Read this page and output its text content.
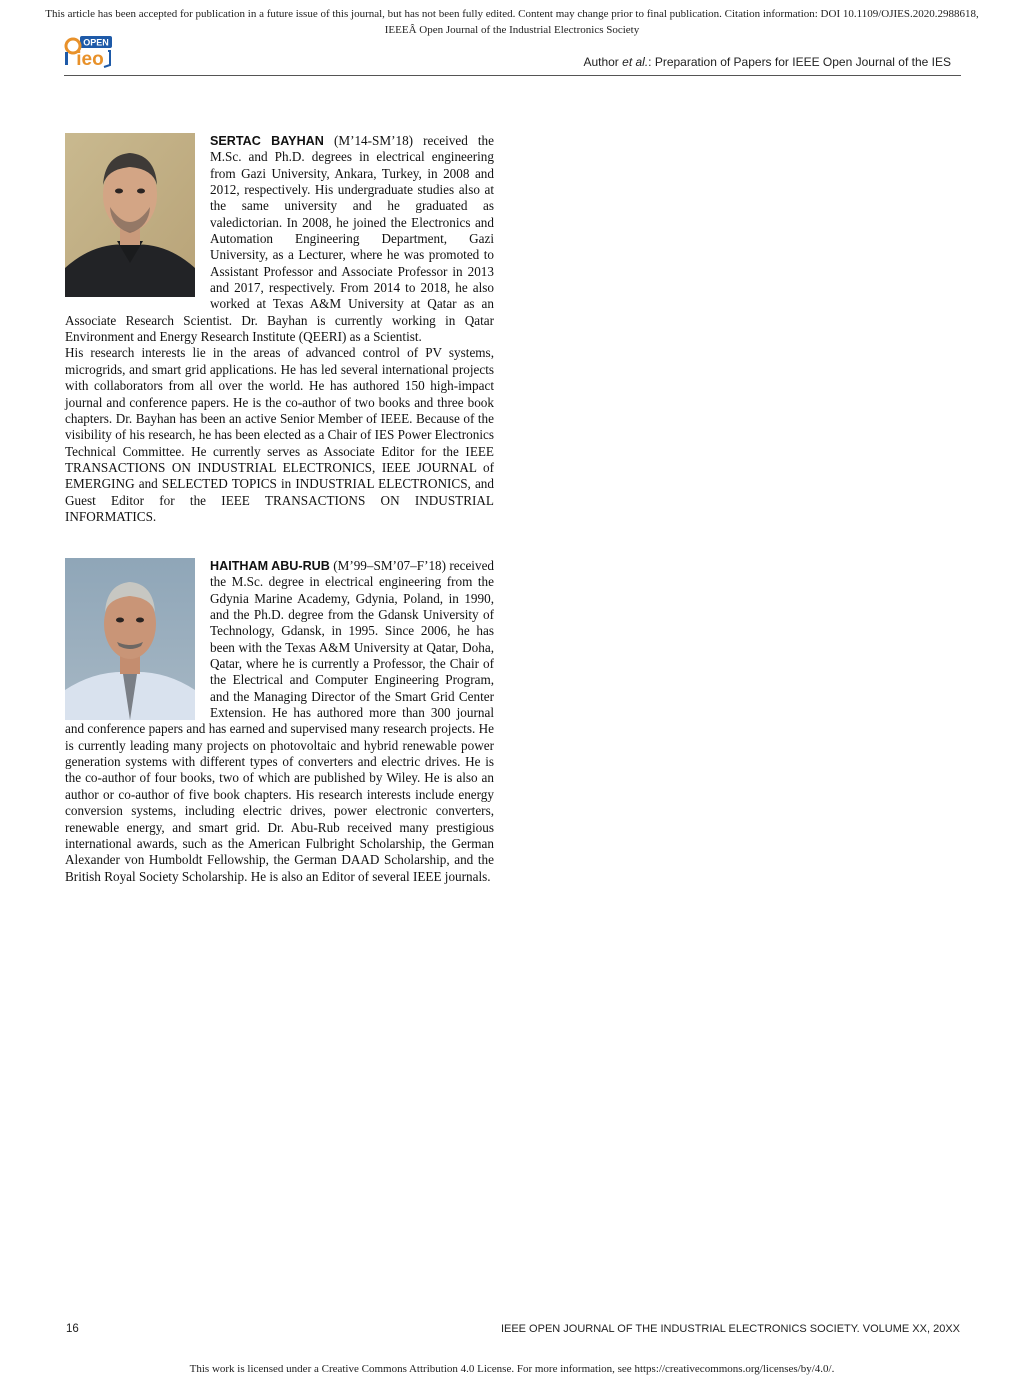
This article has been accepted for publication in a future issue of this journal, but has not been fully edited. Content may change prior to final publication. Citation information: DOI 10.1109/OJIES.2020.2988618,
IEEEÂ Open Journal of the Industrial Electronics Society
OPEN
ieo	Author et al.: Preparation of Papers for IEEE Open Journal of the IES

SERTAC BAYHAN (M’14-SM’18) received the M.Sc. and Ph.D. degrees in electrical engineering from Gazi University, Ankara, Turkey, in 2008 and 2012, respectively. His undergraduate studies also at the same university and he graduated as valedictorian. In 2008, he joined the Electronics and Automation Engineering Department, Gazi University, as a Lecturer, where he was promoted to Assistant Professor and Associate Professor in 2013 and 2017, respectively. From 2014 to 2018, he also worked at Texas A&M University at Qatar as an Associate Research Scientist. Dr. Bayhan is currently working in Qatar Environment and Energy Research Institute (QEERI) as a Scientist.

His research interests lie in the areas of advanced control of PV systems, microgrids, and smart grid applications. He has led several international projects with collaborators from all over the world. He has authored 150 high-impact journal and conference papers. He is the co-author of two books and three book chapters. Dr. Bayhan has been an active Senior Member of IEEE. Because of the visibility of his research, he has been elected as a Chair of IES Power Electronics Technical Committee. He currently serves as Associate Editor for the IEEE TRANSACTIONS ON INDUSTRIAL ELECTRONICS, IEEE JOURNAL of EMERGING and SELECTED TOPICS in INDUSTRIAL ELECTRONICS, and Guest Editor for the IEEE TRANSACTIONS ON INDUSTRIAL INFORMATICS.

HAITHAM ABU-RUB (M’99–SM’07–F’18) received the M.Sc. degree in electrical engineering from the Gdynia Marine Academy, Gdynia, Poland, in 1990, and the Ph.D. degree from the Gdansk University of Technology, Gdansk, in 1995. Since 2006, he has been with the Texas A&M University at Qatar, Doha, Qatar, where he is currently a Professor, the Chair of the Electrical and Computer Engineering Program, and the Managing Director of the Smart Grid Center Extension. He has authored more than 300 journal and conference papers and has earned and supervised many research projects. He is currently leading many projects on photovoltaic and hybrid renewable power generation systems with different types of converters and electric drives. He is the co-author of four books, two of which are published by Wiley. He is also an author or co-author of five book chapters. His research interests include energy conversion systems, including electric drives, power electronic converters, renewable energy, and smart grid. Dr. Abu-Rub received many prestigious international awards, such as the American Fulbright Scholarship, the German Alexander von Humboldt Fellowship, the German DAAD Scholarship, and the British Royal Society Scholarship. He is also an Editor of several IEEE journals.

16	IEEE OPEN JOURNAL OF THE INDUSTRIAL ELECTRONICS SOCIETY. VOLUME XX, 20XX
This work is licensed under a Creative Commons Attribution 4.0 License. For more information, see https://creativecommons.org/licenses/by/4.0/.
